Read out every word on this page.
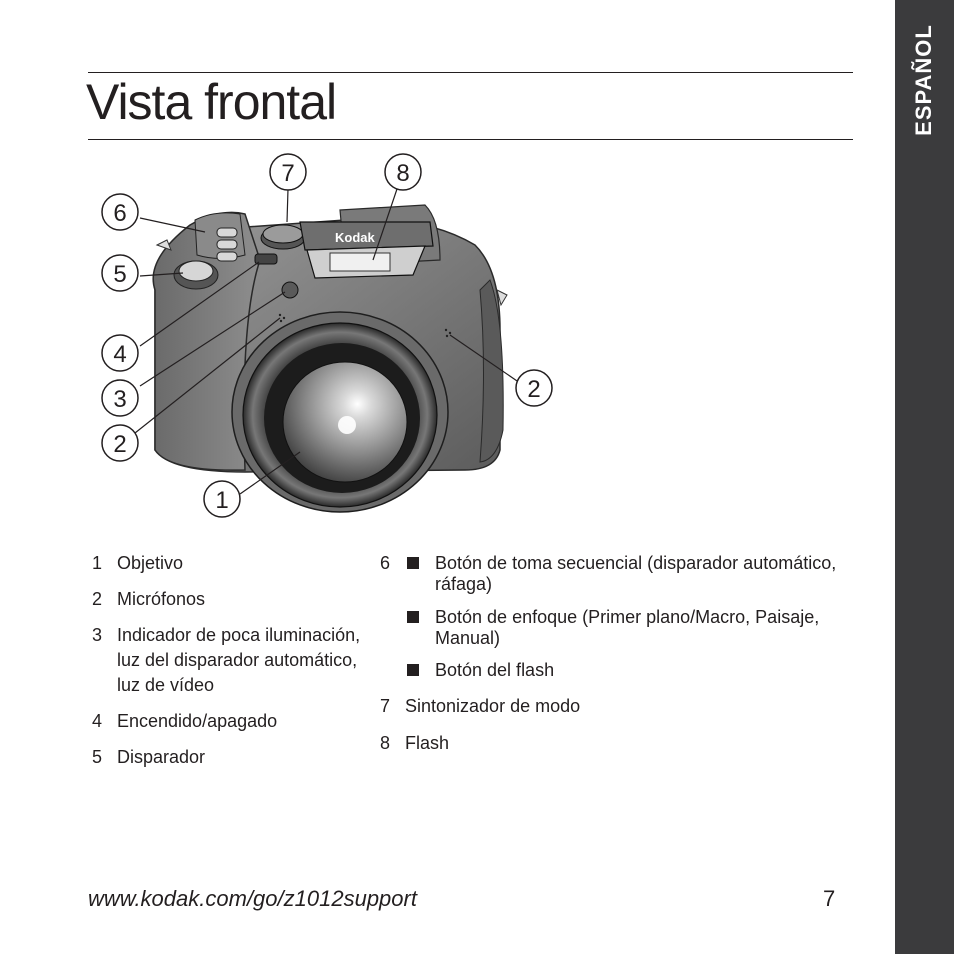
ESPAÑOL
Vista frontal
Kodak
7	8
6
5
4
3
2
2
1
1 Objetivo
2 Micrófonos
3 Indicador de poca iluminación,
luz del disparador automático,
luz de vídeo
4 Encendido/apagado
5 Disparador
6 Botón de toma secuencial (disparador automático,
ráfaga)
Botón de enfoque (Primer plano/Macro, Paisaje,
Manual)
Botón del flash
7 Sintonizador de modo
8 Flash
www.kodak.com/go/z1012support	7
